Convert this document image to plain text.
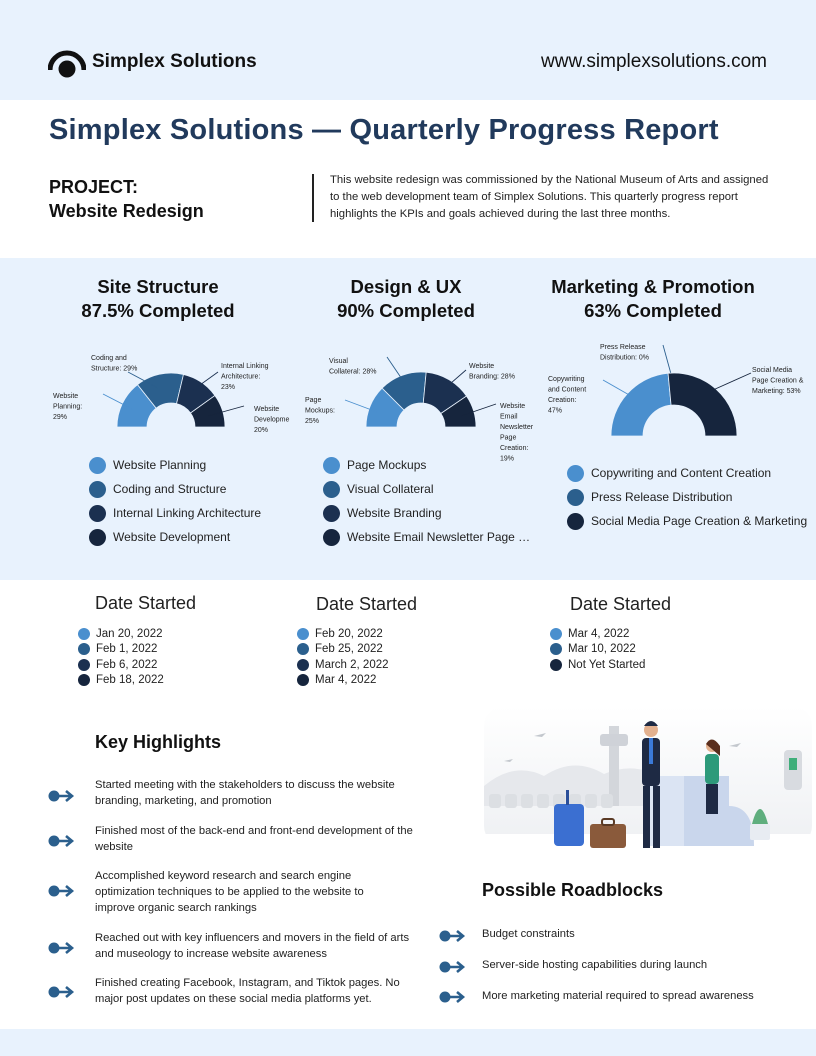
Simplex Solutions	www.simplexsolutions.com
Simplex Solutions — Quarterly Progress Report
PROJECT:
Website Redesign
This website redesign was commissioned by the National Museum of Arts and assigned to the web development team of Simplex Solutions. This quarterly progress report highlights the KPIs and goals achieved during the last three months.
Site Structure
87.5% Completed
Design & UX
90% Completed
Marketing & Promotion
63% Completed
Website Planning: 29%
Coding and Structure: 29%	Internal Linking Architecture: 23%
Website Developme 20%
Page Mockups: 25%
Visual Collateral: 28%
Website Branding: 28%
Website Email Newsletter Page Creation: 19%
Copywriting and Content Creation: 47%
Press Release Distribution: 0%
Social Media Page Creation & Marketing: 53%
Website Planning
Coding and Structure
Internal Linking Architecture
Website Development
Page Mockups
Visual Collateral
Website Branding
Website Email Newsletter Page …
Copywriting and Content Creation
Press Release Distribution
Social Media Page Creation & Marketing
Date Started
Jan 20, 2022
Feb 1, 2022
Feb 6, 2022
Feb 18, 2022
Date Started
Feb 20, 2022
Feb 25, 2022
March 2, 2022
Mar 4, 2022
Date Started
Mar 4, 2022
Mar 10, 2022
Not Yet Started
Key Highlights
Started meeting with the stakeholders to discuss the website branding, marketing, and promotion
Finished most of the back-end and front-end development of the website
Accomplished keyword research and search engine optimization techniques to be applied to the website to improve organic search rankings
Reached out with key influencers and movers in the field of arts and museology to increase website awareness
Finished creating Facebook, Instagram, and Tiktok pages. No major post updates on these social media platforms yet.
Possible Roadblocks
Budget constraints
Server-side hosting capabilities during launch
More marketing material required to spread awareness
